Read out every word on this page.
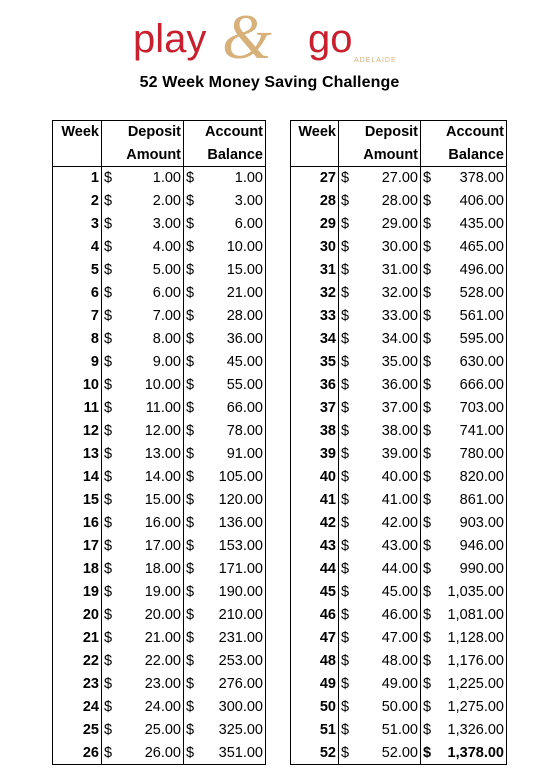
play & go ADELAIDE
52 Week Money Saving Challenge
Week	Deposit	Account		Week	Deposit	Account
	Amount	Balance			Amount	Balance
1	$ 1.00	$ 1.00		27	$ 27.00	$ 378.00

2	$ 2.00	$ 3.00		28	$ 28.00	$ 406.00

3	$ 3.00	$ 6.00		29	$ 29.00	$ 435.00

4	$ 4.00	$ 10.00		30	$ 30.00	$ 465.00

5	$ 5.00	$ 15.00		31	$ 31.00	$ 496.00

6	$ 6.00	$ 21.00		32	$ 32.00	$ 528.00

7	$ 7.00	$ 28.00		33	$ 33.00	$ 561.00

8	$ 8.00	$ 36.00		34	$ 34.00	$ 595.00

9	$ 9.00	$ 45.00		35	$ 35.00	$ 630.00

10	$ 10.00	$ 55.00		36	$ 36.00	$ 666.00

11	$ 11.00	$ 66.00		37	$ 37.00	$ 703.00

12	$ 12.00	$ 78.00		38	$ 38.00	$ 741.00

13	$ 13.00	$ 91.00		39	$ 39.00	$ 780.00

14	$ 14.00	$ 105.00		40	$ 40.00	$ 820.00

15	$ 15.00	$ 120.00		41	$ 41.00	$ 861.00

16	$ 16.00	$ 136.00		42	$ 42.00	$ 903.00

17	$ 17.00	$ 153.00		43	$ 43.00	$ 946.00

18	$ 18.00	$ 171.00		44	$ 44.00	$ 990.00

19	$ 19.00	$ 190.00		45	$ 45.00	$ 1,035.00

20	$ 20.00	$ 210.00		46	$ 46.00	$ 1,081.00

21	$ 21.00	$ 231.00		47	$ 47.00	$ 1,128.00

22	$ 22.00	$ 253.00		48	$ 48.00	$ 1,176.00

23	$ 23.00	$ 276.00		49	$ 49.00	$ 1,225.00

24	$ 24.00	$ 300.00		50	$ 50.00	$ 1,275.00

25	$ 25.00	$ 325.00		51	$ 51.00	$ 1,326.00

26	$ 26.00	$ 351.00		52	$ 52.00	$ 1,378.00
